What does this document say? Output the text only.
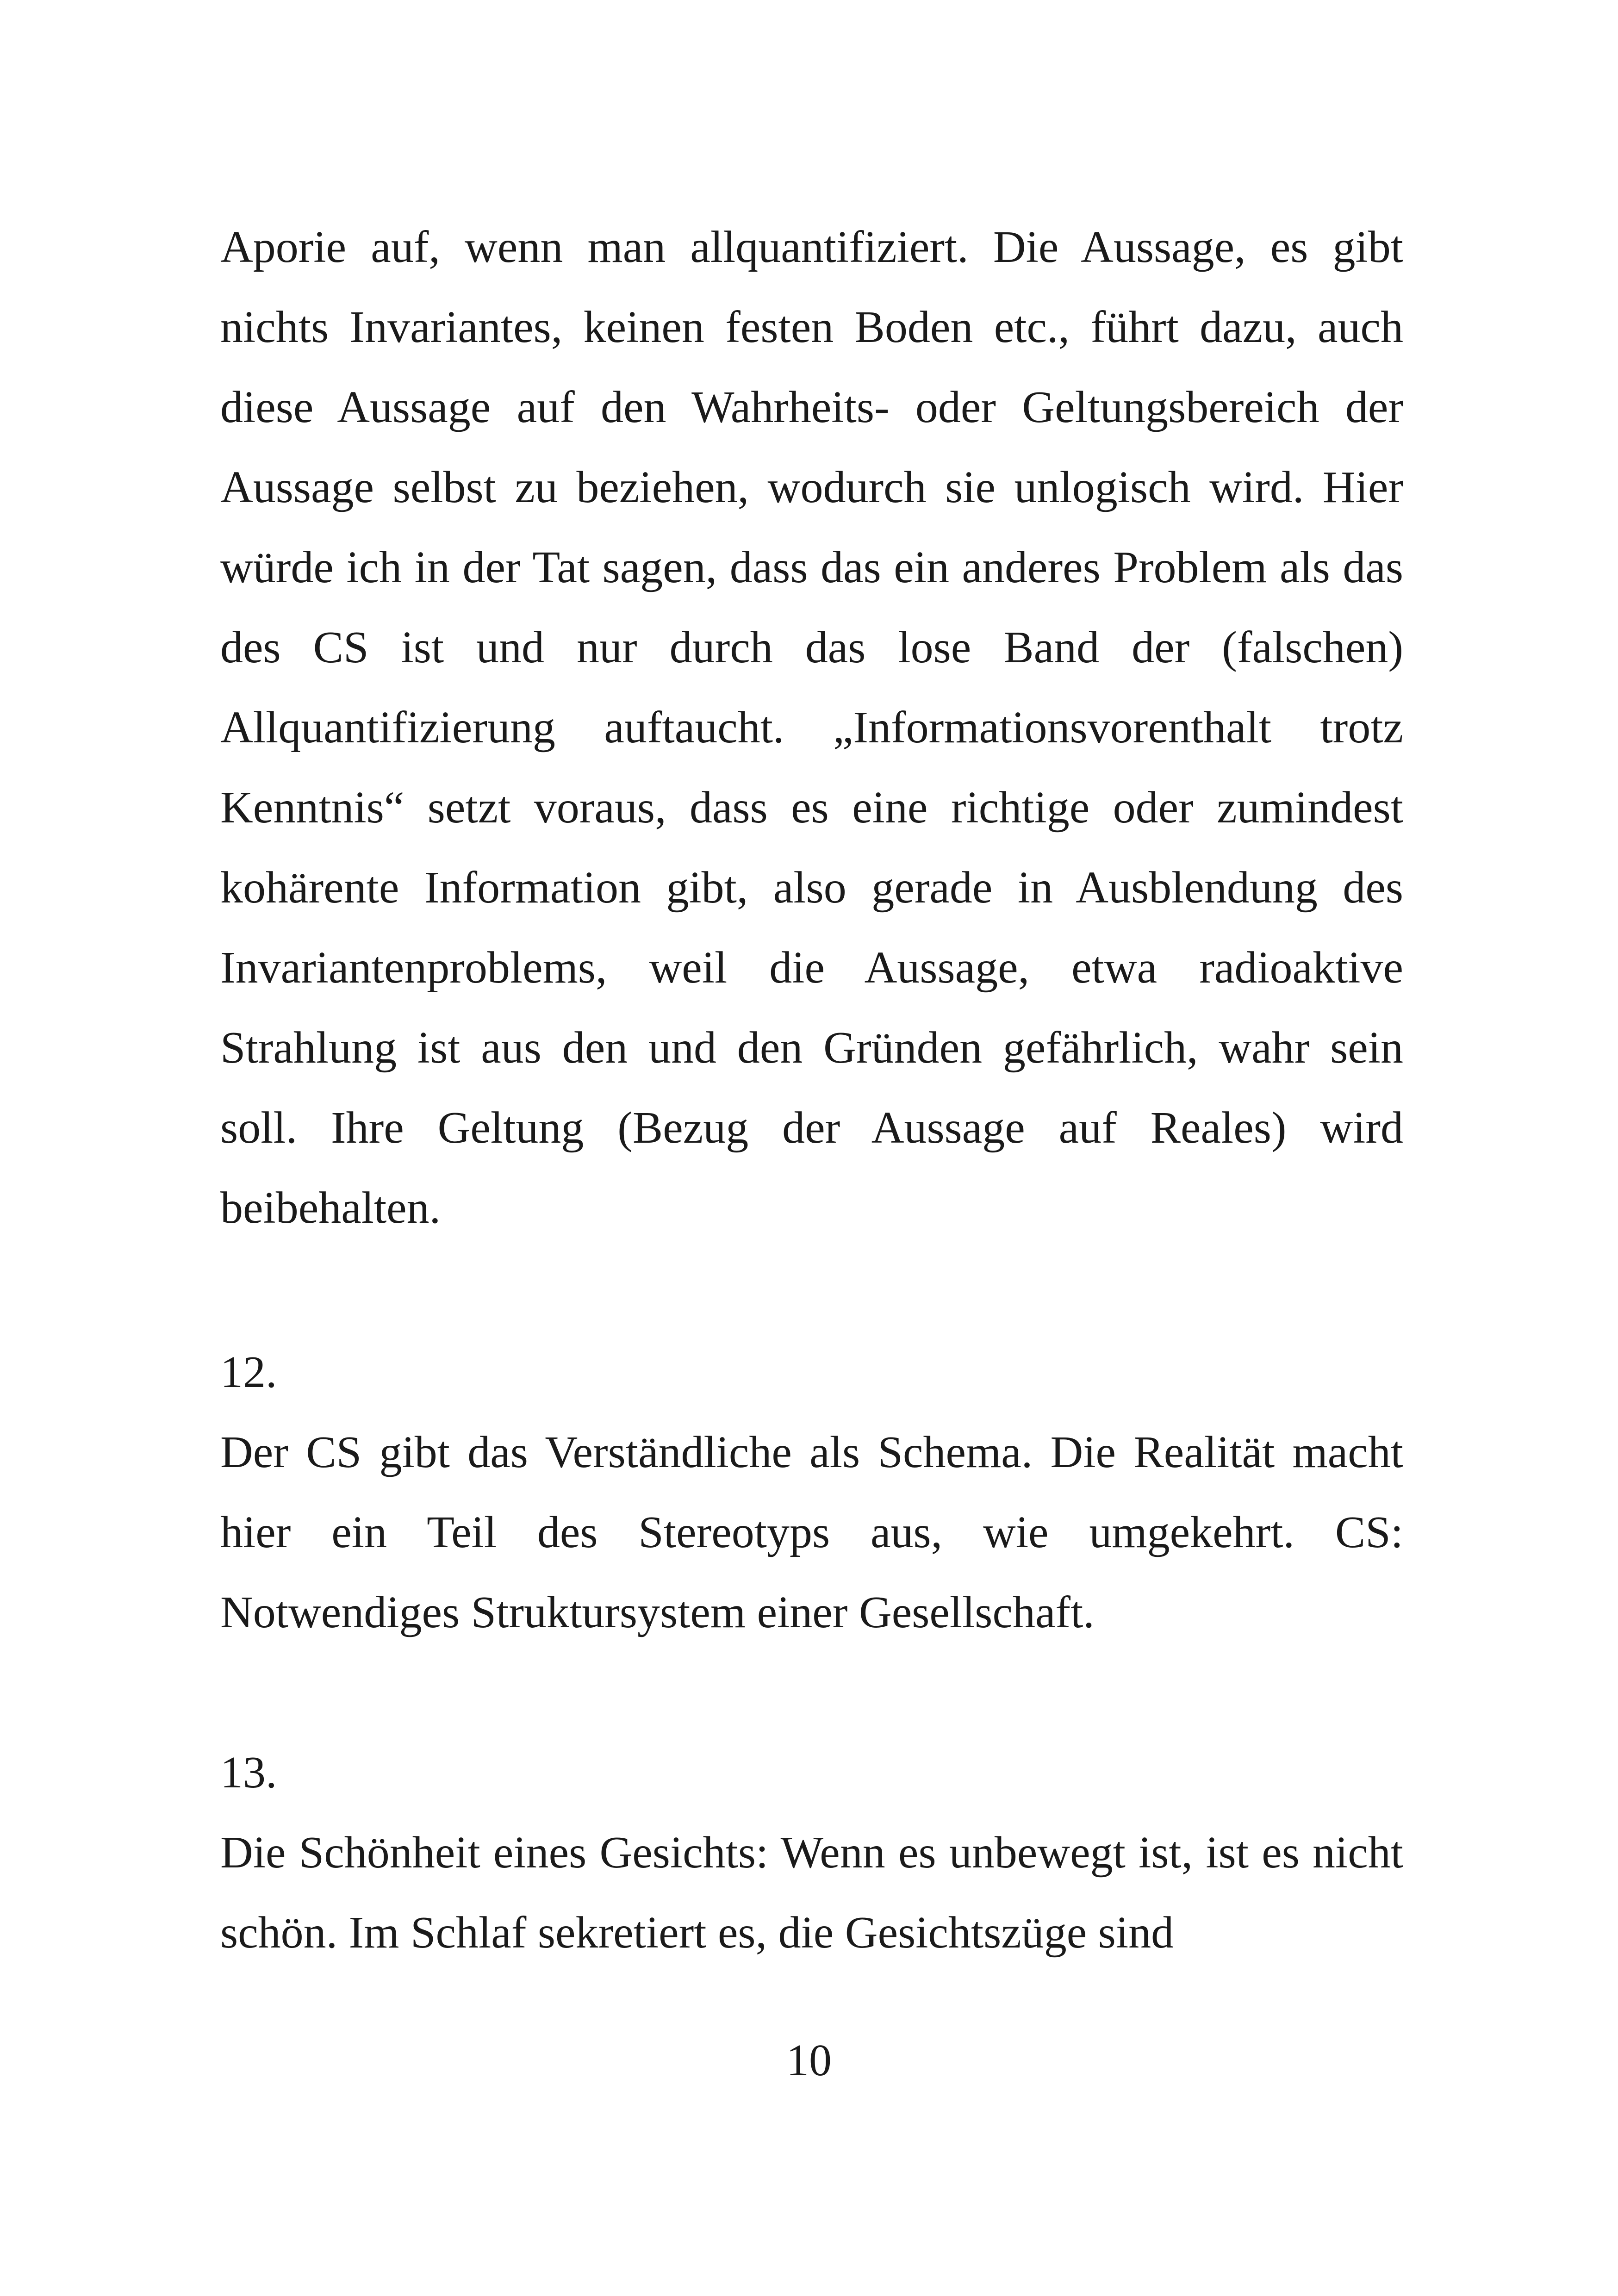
Aporie auf, wenn man allquantifiziert. Die Aussage, es gibt nichts Invariantes, keinen festen Boden etc., führt dazu, auch diese Aussage auf den Wahrheits- oder Geltungsbereich der Aussage selbst zu beziehen, wodurch sie unlogisch wird. Hier würde ich in der Tat sagen, dass das ein anderes Problem als das des CS ist und nur durch das lose Band der (falschen) Allquantifizierung auftaucht. „Informationsvorenthalt trotz Kenntnis“ setzt voraus, dass es eine richtige oder zumindest kohärente Information gibt, also gerade in Ausblendung des Invariantenproblems, weil die Aussage, etwa radioaktive Strahlung ist aus den und den Gründen gefährlich, wahr sein soll. Ihre Geltung (Bezug der Aussage auf Reales) wird beibehalten.

12.

Der CS gibt das Verständliche als Schema. Die Realität macht hier ein Teil des Stereotyps aus, wie umgekehrt. CS: Notwendiges Struktursystem einer Gesellschaft.

13.

Die Schönheit eines Gesichts: Wenn es unbewegt ist, ist es nicht schön. Im Schlaf sekretiert es, die Gesichtszüge sind

10
